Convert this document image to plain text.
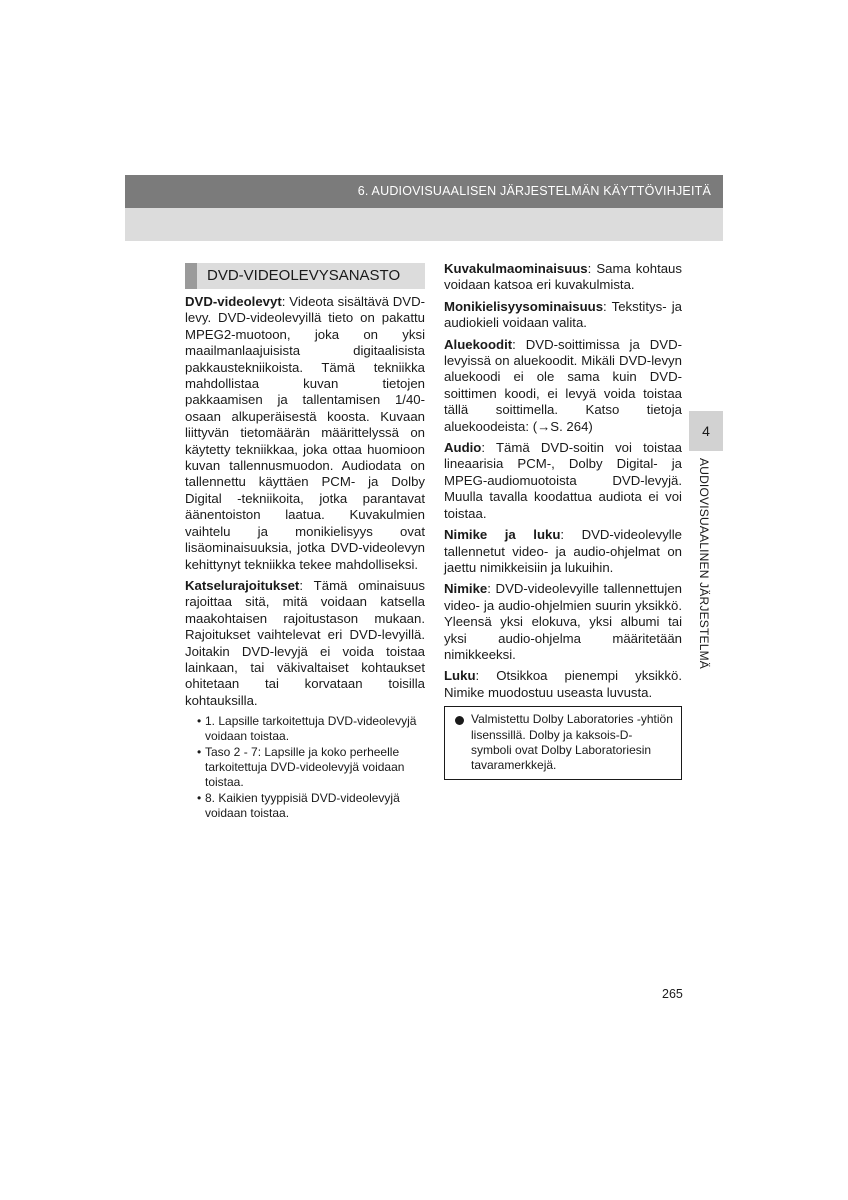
6. AUDIOVISUAALISEN JÄRJESTELMÄN KÄYTTÖVIHJEITÄ
DVD-VIDEOLEVYSANASTO

DVD-videolevyt: Videota sisältävä DVD-levy. DVD-videolevyillä tieto on pakattu MPEG2-muotoon, joka on yksi maailmanlaajuisista digitaalisista pakkaustekniikoista. Tämä tekniikka mahdollistaa kuvan tietojen pakkaamisen ja tallentamisen 1/40-osaan alkuperäisestä koosta. Kuvaan liittyvän tietomäärän määrittelyssä on käytetty tekniikkaa, joka ottaa huomioon kuvan tallennusmuodon. Audiodata on tallennettu käyttäen PCM- ja Dolby Digital -tekniikoita, jotka parantavat äänentoiston laatua. Kuvakulmien vaihtelu ja monikielisyys ovat lisäominaisuuksia, jotka DVD-videolevyn kehittynyt tekniikka tekee mahdolliseksi.

Katselurajoitukset: Tämä ominaisuus rajoittaa sitä, mitä voidaan katsella maakohtaisen rajoitustason mukaan. Rajoitukset vaihtelevat eri DVD-levyillä. Joitakin DVD-levyjä ei voida toistaa lainkaan, tai väkivaltaiset kohtaukset ohitetaan tai korvataan toisilla kohtauksilla.

• 1. Lapsille tarkoitettuja DVD-videolevyjä voidaan toistaa.
• Taso 2 - 7: Lapsille ja koko perheelle tarkoitettuja DVD-videolevyjä voidaan toistaa.
• 8. Kaikien tyyppisiä DVD-videolevyjä voidaan toistaa.

Kuvakulmaominaisuus: Sama kohtaus voidaan katsoa eri kuvakulmista.

Monikielisyysominaisuus: Tekstitys- ja audiokieli voidaan valita.

Aluekoodit: DVD-soittimissa ja DVD-levyissä on aluekoodit. Mikäli DVD-levyn aluekoodi ei ole sama kuin DVD-soittimen koodi, ei levyä voida toistaa tällä soittimella. Katso tietoja aluekoodeista: (→S. 264)

Audio: Tämä DVD-soitin voi toistaa lineaarisia PCM-, Dolby Digital- ja MPEG-audiomuotoista DVD-levyjä. Muulla tavalla koodattua audiota ei voi toistaa.

Nimike ja luku: DVD-videolevylle tallennetut video- ja audio-ohjelmat on jaettu nimikkeisiin ja lukuihin.

Nimike: DVD-videolevyille tallennettujen video- ja audio-ohjelmien suurin yksikkö. Yleensä yksi elokuva, yksi albumi tai yksi audio-ohjelma määritetään nimikkeeksi.

Luku: Otsikkoa pienempi yksikkö. Nimike muodostuu useasta luvusta.

Valmistettu Dolby Laboratories -yhtiön lisenssillä. Dolby ja kaksois-D-symboli ovat Dolby Laboratoriesin tavaramerkkejä.
4
AUDIOVISUAALINEN JÄRJESTELMÄ
265
